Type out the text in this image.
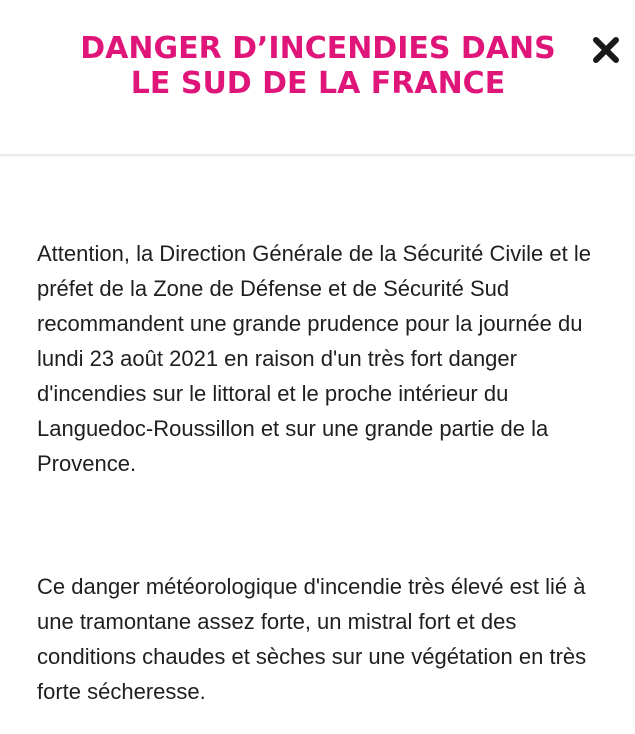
DANGER D’INCENDIES DANS LE SUD DE LA FRANCE

Attention, la Direction Générale de la Sécurité Civile et le préfet de la Zone de Défense et de Sécurité Sud recommandent une grande prudence pour la journée du lundi 23 août 2021 en raison d'un très fort danger d'incendies sur le littoral et le proche intérieur du Languedoc-Roussillon et sur une grande partie de la Provence.

Ce danger météorologique d'incendie très élevé est lié à une tramontane assez forte, un mistral fort et des conditions chaudes et sèches sur une végétation en très forte sécheresse.
